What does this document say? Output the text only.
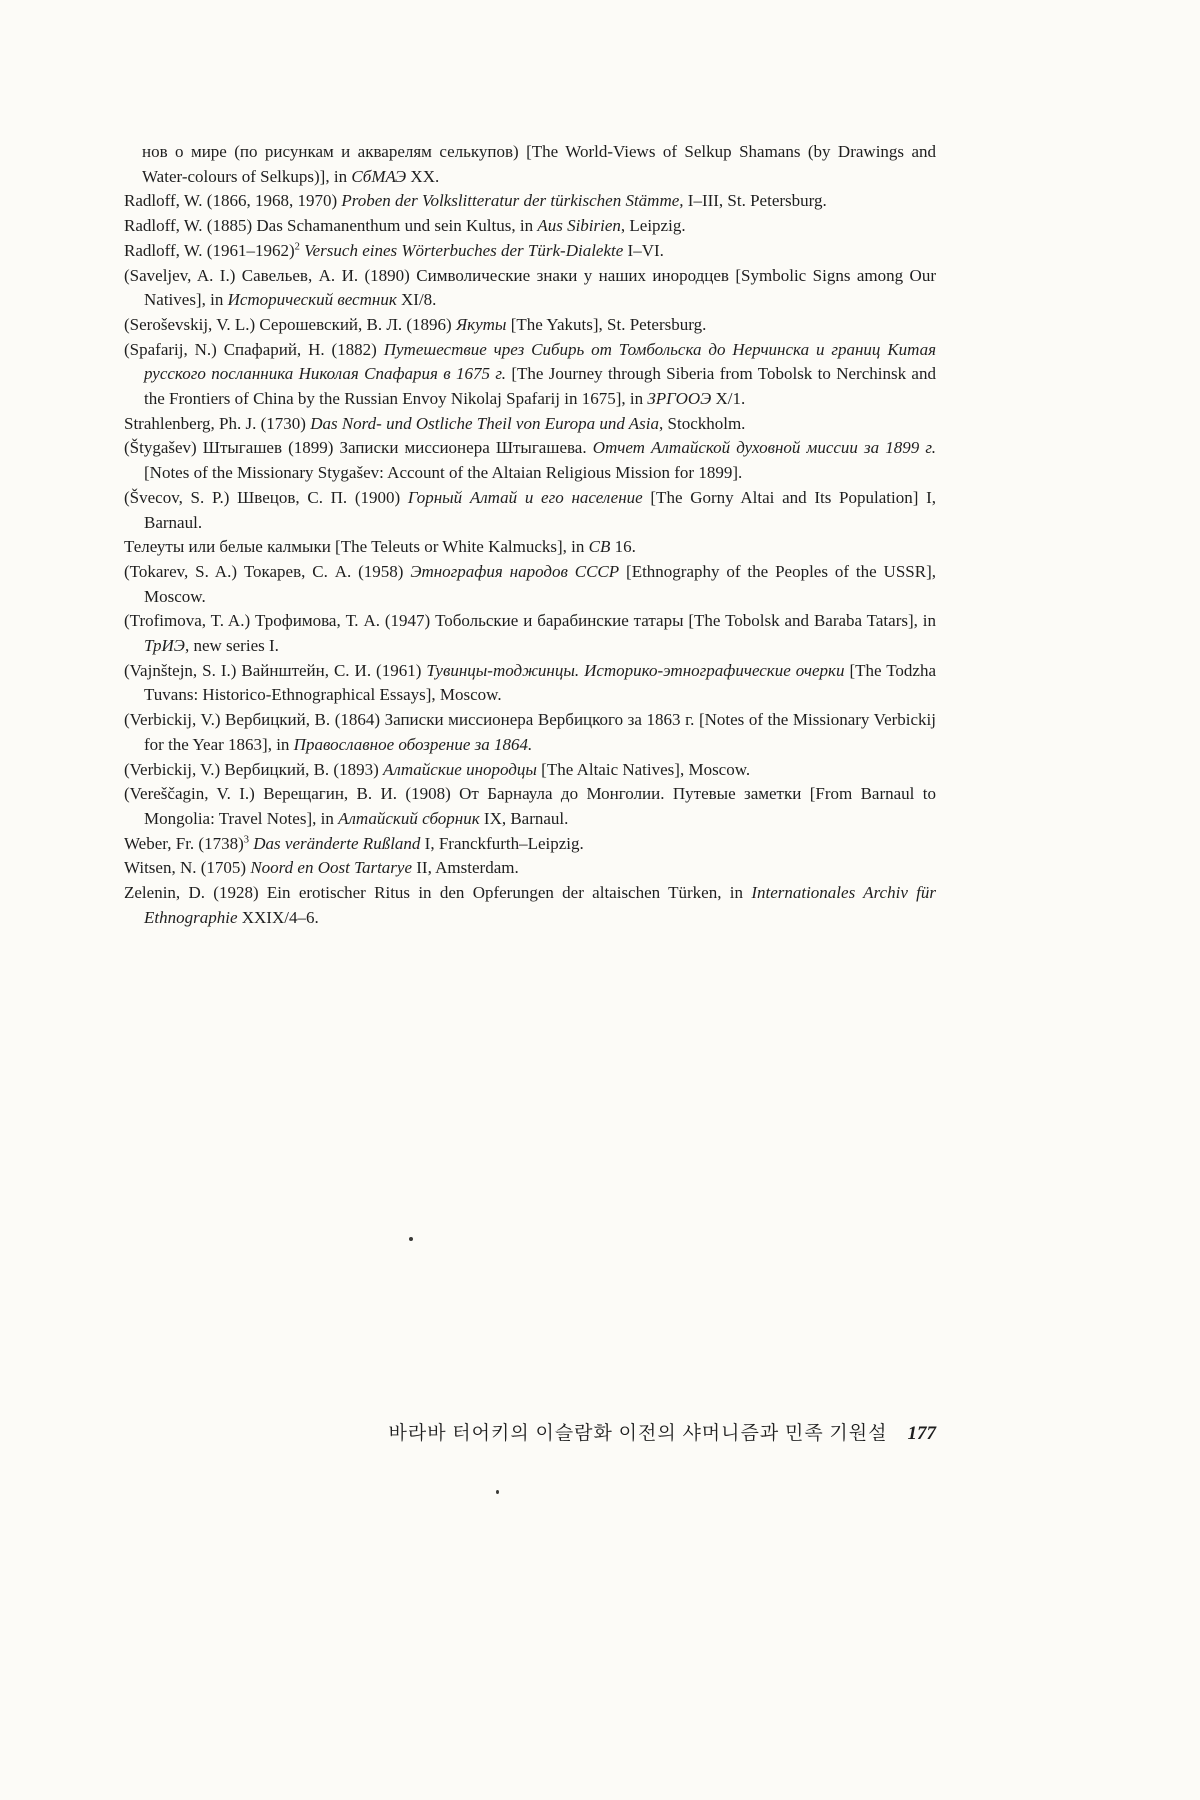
нов о мире (по рисункам и акварелям селькупов) [The World-Views of Selkup Shamans (by Drawings and Water-colours of Selkups)], in СбМАЭ XX.

Radloff, W. (1866, 1968, 1970) Proben der Volkslitteratur der türkischen Stämme, I–III, St. Petersburg.

Radloff, W. (1885) Das Schamanenthum und sein Kultus, in Aus Sibirien, Leipzig.

Radloff, W. (1961–1962)$^2$ Versuch eines Wörterbuches der Türk-Dialekte I–VI.

(Saveljev, A. I.) Савельев, А. И. (1890) Символические знаки у наших инородцев [Symbolic Signs among Our Natives], in Исторический вестник XI/8.

(Seroševskij, V. L.) Серошевский, В. Л. (1896) Якуты [The Yakuts], St. Petersburg.

(Spafarij, N.) Спафарий, Н. (1882) Путешествие чрез Сибирь от Томбольска до Нерчинска и границ Китая русского посланника Николая Спафария в 1675 г. [The Journey through Siberia from Tobolsk to Nerchinsk and the Frontiers of China by the Russian Envoy Nikolaj Spafarij in 1675], in ЗРГООЭ X/1.

Strahlenberg, Ph. J. (1730) Das Nord- und Ostliche Theil von Europa und Asia, Stockholm.

(Štygašev) Штыгашев (1899) Записки миссионера Штыгашева. Отчет Алтайской духовной миссии за 1899 г. [Notes of the Missionary Stygašev: Account of the Altaian Religious Mission for 1899].

(Švecov, S. P.) Швецов, С. П. (1900) Горный Алтай и его население [The Gorny Altai and Its Population] I, Barnaul.

Телеуты или белые калмыки [The Teleuts or White Kalmucks], in СВ 16.

(Tokarev, S. A.) Токарев, С. А. (1958) Этнография народов СССР [Ethnography of the Peoples of the USSR], Moscow.

(Trofimova, T. A.) Трофимова, Т. А. (1947) Тобольские и барабинские татары [The Tobolsk and Baraba Tatars], in ТрИЭ, new series I.

(Vajnštejn, S. I.) Вайнштейн, С. И. (1961) Тувинцы-тоджинцы. Историко-этнографические очерки [The Todzha Tuvans: Historico-Ethnographical Essays], Moscow.

(Verbickij, V.) Вербицкий, В. (1864) Записки миссионера Вербицкого за 1863 г. [Notes of the Missionary Verbickij for the Year 1863], in Православное обозрение за 1864.

(Verbickij, V.) Вербицкий, В. (1893) Алтайские инородцы [The Altaic Natives], Moscow.

(Vereščagin, V. I.) Верещагин, В. И. (1908) От Барнаула до Монголии. Путевые заметки [From Barnaul to Mongolia: Travel Notes], in Алтайский сборник IX, Barnaul.

Weber, Fr. $(1738)^3$ Das veränderte Rußland I, Franckfurth–Leipzig.

Witsen, N. (1705) Noord en Oost Tartarye II, Amsterdam.

Zelenin, D. (1928) Ein erotischer Ritus in den Opferungen der altaischen Türken, in Internationales Archiv für Ethnographie XXIX/4–6.

바라바 터어키의 이슬람화 이전의 샤머니즘과 민족 기원설 177
